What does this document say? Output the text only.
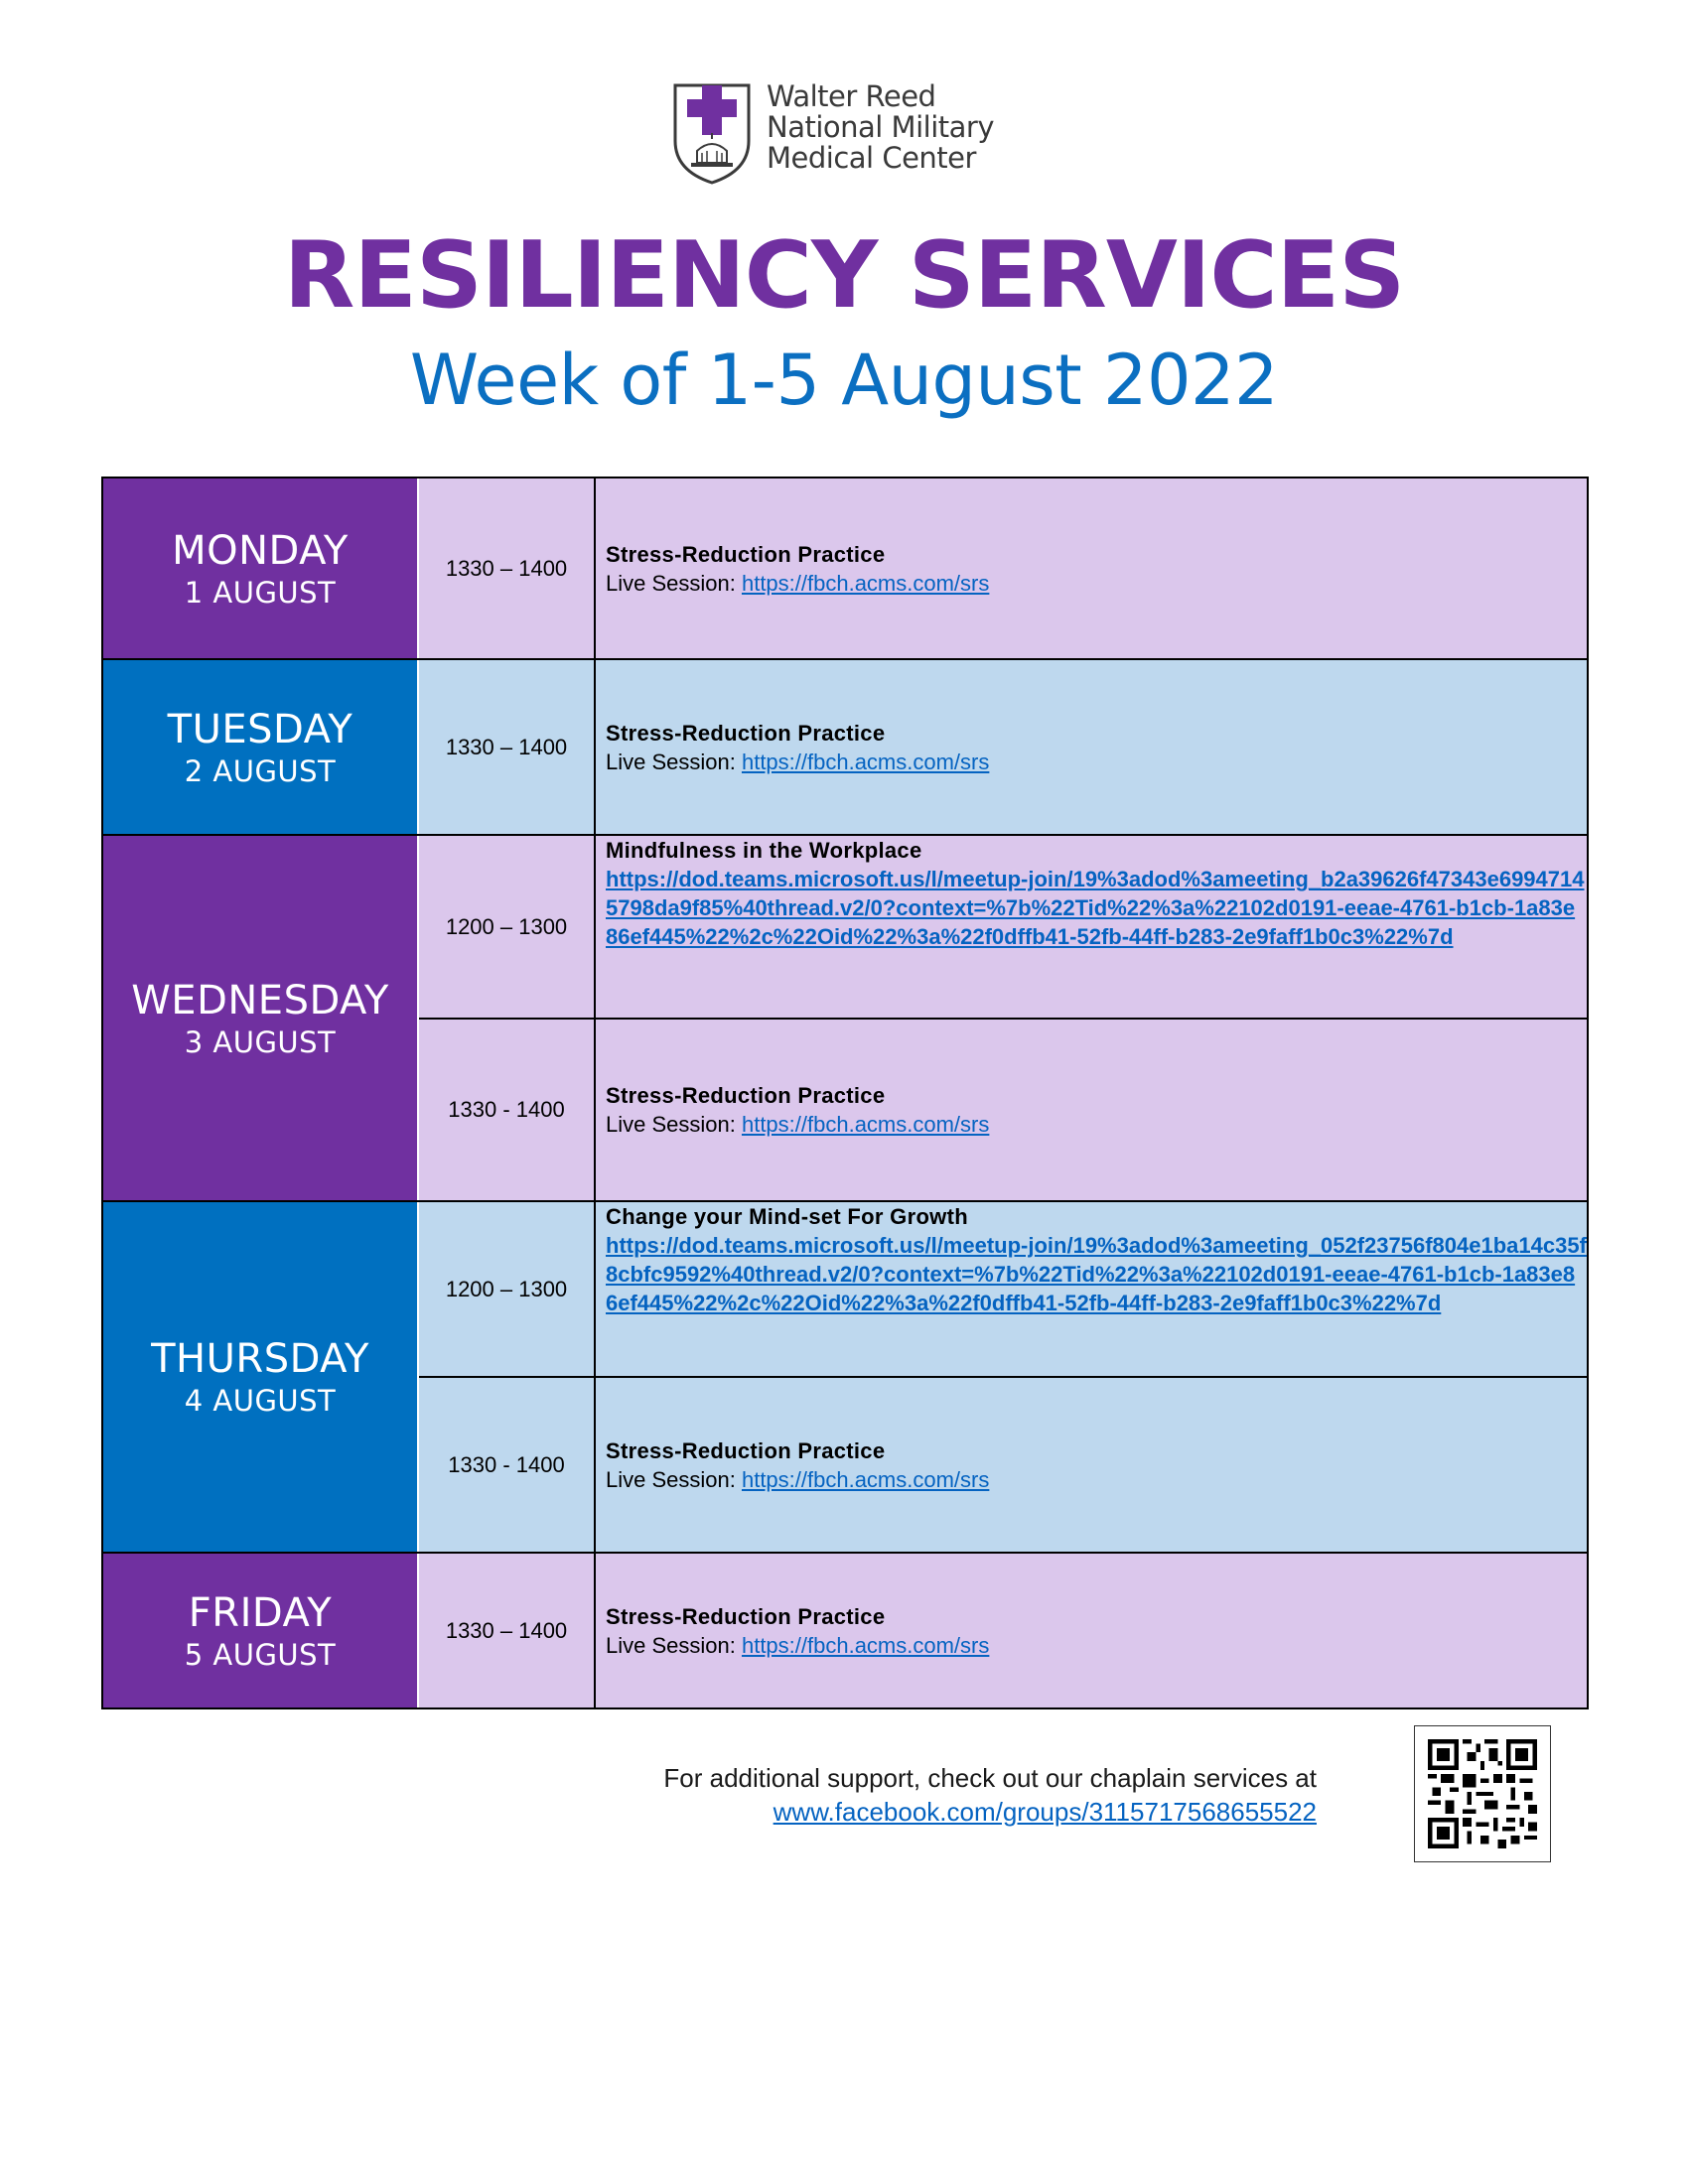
Walter Reed
National Military
Medical Center
RESILIENCY SERVICES
Week of 1-5 August 2022
MONDAY
1 AUGUST
1330 – 1400
Stress-Reduction Practice
Live Session: https://fbch.acms.com/srs
TUESDAY
2 AUGUST
1330 – 1400
Stress-Reduction Practice
Live Session: https://fbch.acms.com/srs
WEDNESDAY
3 AUGUST
1200 – 1300
Mindfulness in the Workplace
https://dod.teams.microsoft.us/l/meetup-join/19%3adod%3ameeting_b2a39626f47343e69947145798da9f85%40thread.v2/0?context=%7b%22Tid%22%3a%22102d0191-eeae-4761-b1cb-1a83e86ef445%22%2c%22Oid%22%3a%22f0dffb41-52fb-44ff-b283-2e9faff1b0c3%22%7d
1330 - 1400
Stress-Reduction Practice
Live Session: https://fbch.acms.com/srs
THURSDAY
4 AUGUST
1200 – 1300
Change your Mind-set For Growth
https://dod.teams.microsoft.us/l/meetup-join/19%3adod%3ameeting_052f23756f804e1ba14c35f8cbfc9592%40thread.v2/0?context=%7b%22Tid%22%3a%22102d0191-eeae-4761-b1cb-1a83e86ef445%22%2c%22Oid%22%3a%22f0dffb41-52fb-44ff-b283-2e9faff1b0c3%22%7d
1330 - 1400
Stress-Reduction Practice
Live Session: https://fbch.acms.com/srs
FRIDAY
5 AUGUST
1330 – 1400
Stress-Reduction Practice
Live Session: https://fbch.acms.com/srs
For additional support, check out our chaplain services at
www.facebook.com/groups/3115717568655522
